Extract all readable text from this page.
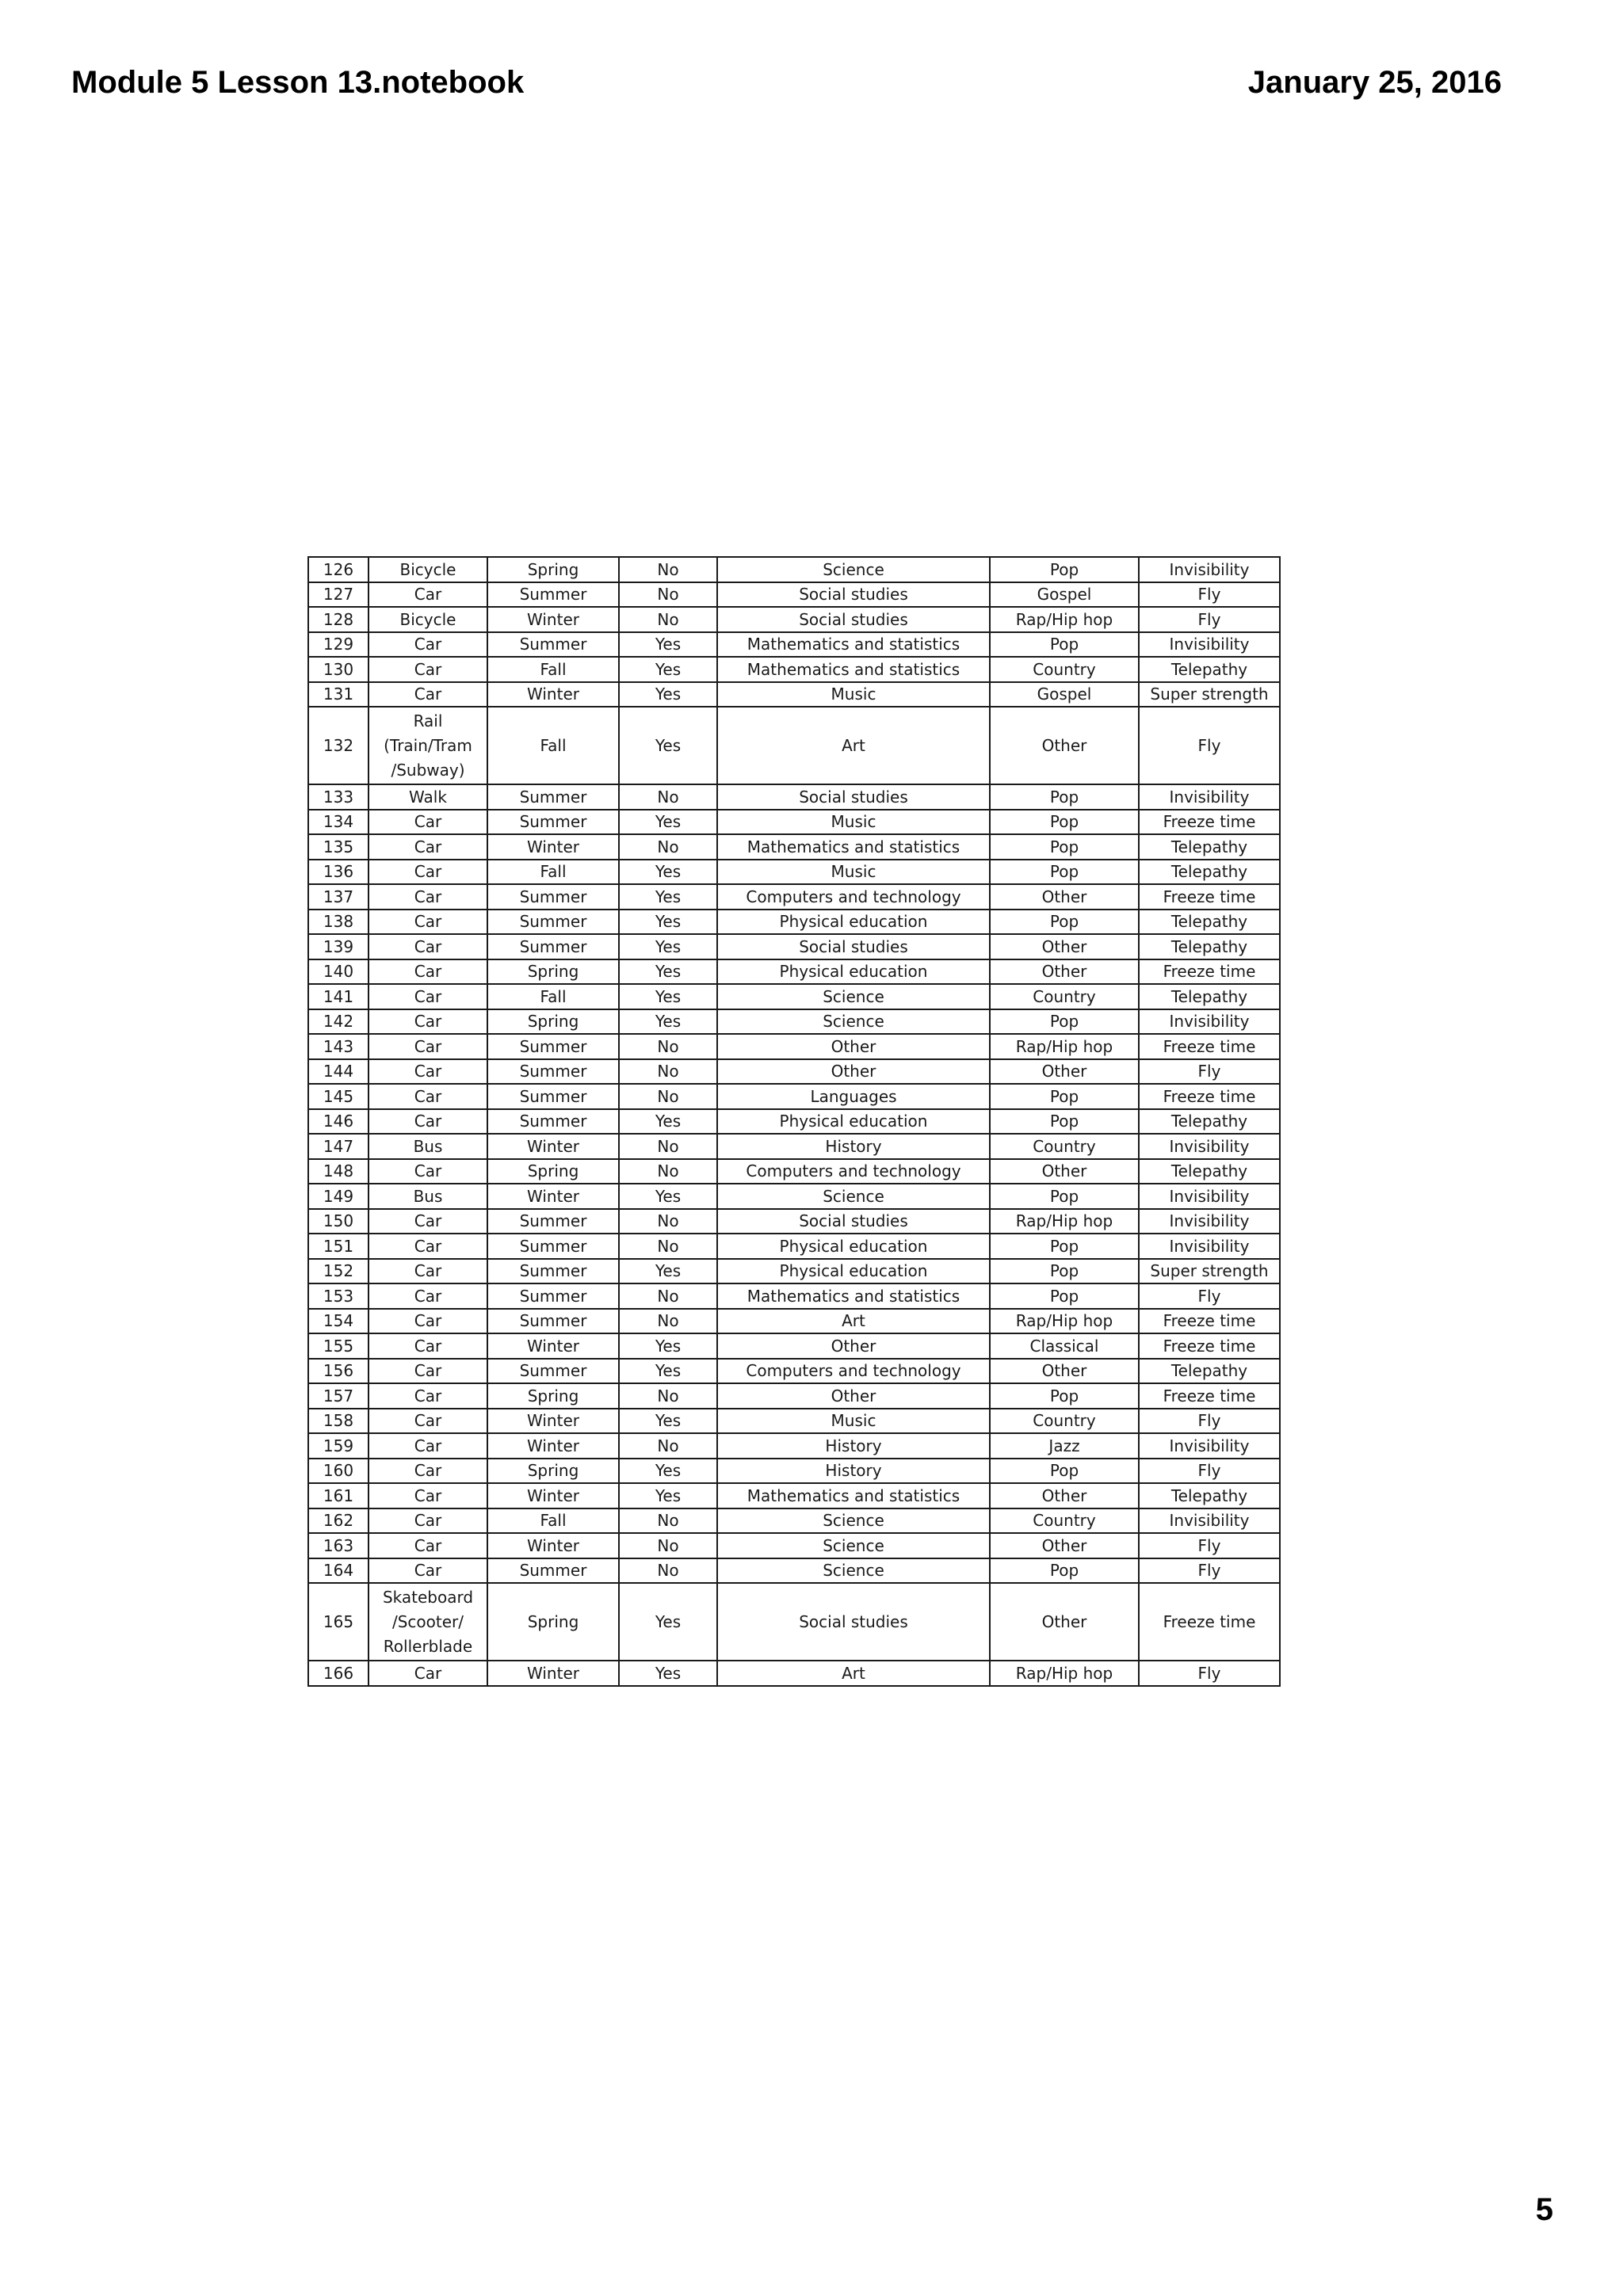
Module 5 Lesson 13.notebook	January 25, 2016
126	Bicycle	Spring	No	Science	Pop	Invisibility
127	Car	Summer	No	Social studies	Gospel	Fly
128	Bicycle	Winter	No	Social studies	Rap/Hip hop	Fly
129	Car	Summer	Yes	Mathematics and statistics	Pop	Invisibility
130	Car	Fall	Yes	Mathematics and statistics	Country	Telepathy
131	Car	Winter	Yes	Music	Gospel	Super strength
132	Rail
(Train/Tram
/Subway)	Fall	Yes	Art	Other	Fly
133	Walk	Summer	No	Social studies	Pop	Invisibility
134	Car	Summer	Yes	Music	Pop	Freeze time
135	Car	Winter	No	Mathematics and statistics	Pop	Telepathy
136	Car	Fall	Yes	Music	Pop	Telepathy
137	Car	Summer	Yes	Computers and technology	Other	Freeze time
138	Car	Summer	Yes	Physical education	Pop	Telepathy
139	Car	Summer	Yes	Social studies	Other	Telepathy
140	Car	Spring	Yes	Physical education	Other	Freeze time
141	Car	Fall	Yes	Science	Country	Telepathy
142	Car	Spring	Yes	Science	Pop	Invisibility
143	Car	Summer	No	Other	Rap/Hip hop	Freeze time
144	Car	Summer	No	Other	Other	Fly
145	Car	Summer	No	Languages	Pop	Freeze time
146	Car	Summer	Yes	Physical education	Pop	Telepathy
147	Bus	Winter	No	History	Country	Invisibility
148	Car	Spring	No	Computers and technology	Other	Telepathy
149	Bus	Winter	Yes	Science	Pop	Invisibility
150	Car	Summer	No	Social studies	Rap/Hip hop	Invisibility
151	Car	Summer	No	Physical education	Pop	Invisibility
152	Car	Summer	Yes	Physical education	Pop	Super strength
153	Car	Summer	No	Mathematics and statistics	Pop	Fly
154	Car	Summer	No	Art	Rap/Hip hop	Freeze time
155	Car	Winter	Yes	Other	Classical	Freeze time
156	Car	Summer	Yes	Computers and technology	Other	Telepathy
157	Car	Spring	No	Other	Pop	Freeze time
158	Car	Winter	Yes	Music	Country	Fly
159	Car	Winter	No	History	Jazz	Invisibility
160	Car	Spring	Yes	History	Pop	Fly
161	Car	Winter	Yes	Mathematics and statistics	Other	Telepathy
162	Car	Fall	No	Science	Country	Invisibility
163	Car	Winter	No	Science	Other	Fly
164	Car	Summer	No	Science	Pop	Fly
165	Skateboard
/Scooter/
Rollerblade	Spring	Yes	Social studies	Other	Freeze time
166	Car	Winter	Yes	Art	Rap/Hip hop	Fly
5
